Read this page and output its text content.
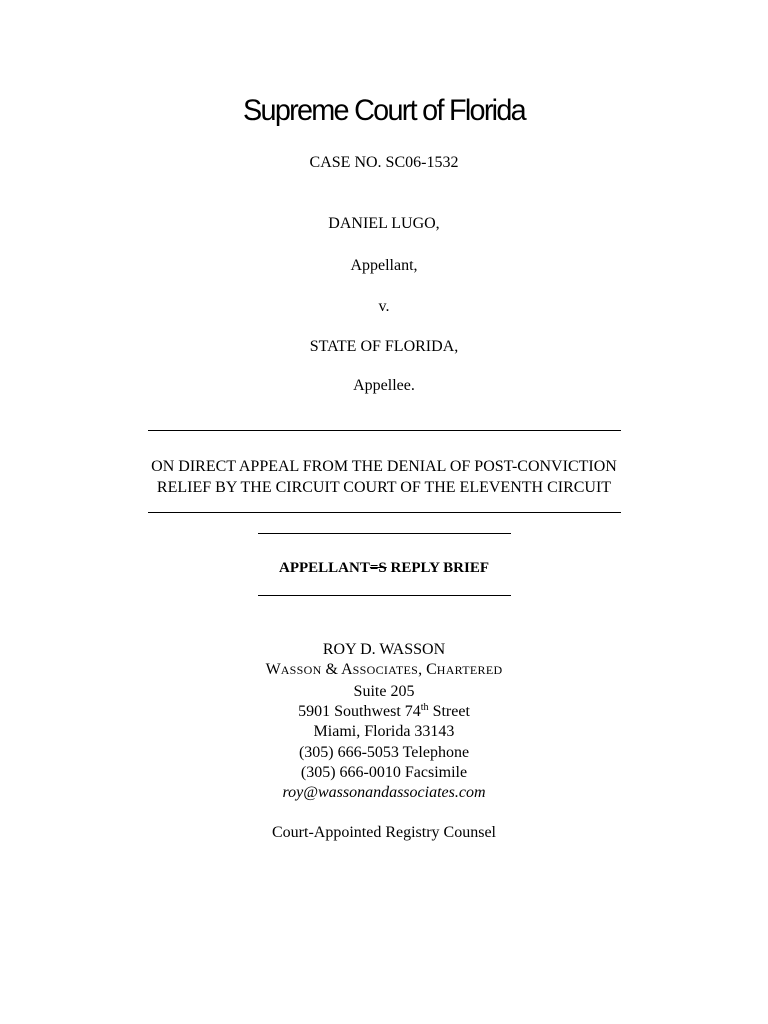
Supreme Court of Florida
CASE NO. SC06-1532
DANIEL LUGO,
Appellant,
v.
STATE OF FLORIDA,
Appellee.
ON DIRECT APPEAL FROM THE DENIAL OF POST-CONVICTION
RELIEF BY THE CIRCUIT COURT OF THE ELEVENTH CIRCUIT
APPELLANT=S REPLY BRIEF
ROY D. WASSON
WASSON & ASSOCIATES, CHARTERED
Suite 205
5901 Southwest 74th Street
Miami, Florida 33143
(305) 666-5053 Telephone
(305) 666-0010 Facsimile
roy@wassonandassociates.com
Court-Appointed Registry Counsel
